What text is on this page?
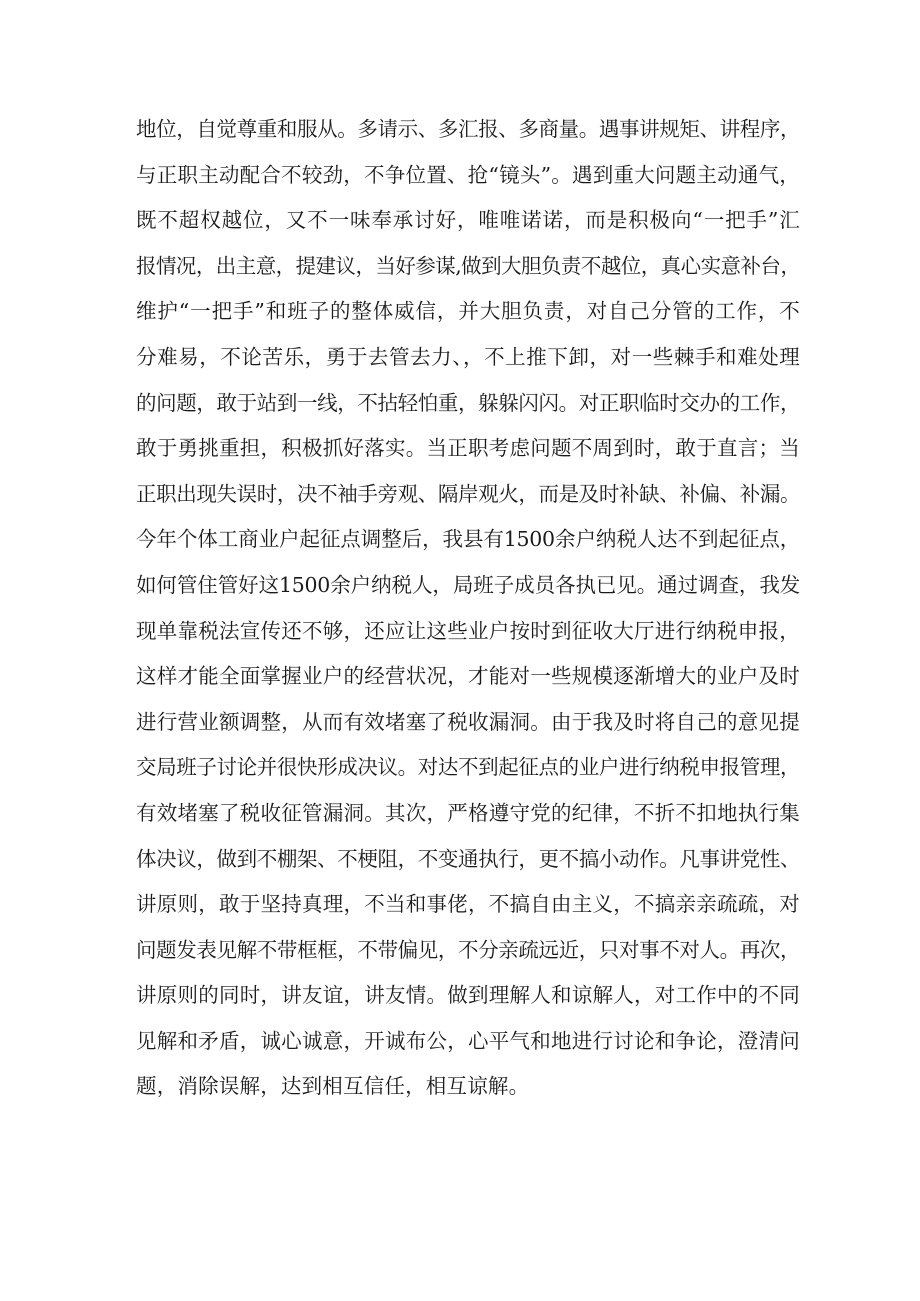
地位，自觉尊重和服从。多请示、多汇报、多商量。遇事讲规矩、讲程序，
与正职主动配合不较劲，不争位置、抢“镜头”。遇到重大问题主动通气，
既不超权越位，又不一味奉承讨好，唯唯诺诺，而是积极向“一把手”汇
报情况，出主意，提建议，当好参谋,做到大胆负责不越位，真心实意补台，
维护“一把手”和班子的整体威信，并大胆负责，对自己分管的工作，不
分难易，不论苦乐，勇于去管去力、，不上推下卸，对一些棘手和难处理
的问题，敢于站到一线，不拈轻怕重，躲躲闪闪。对正职临时交办的工作，
敢于勇挑重担，积极抓好落实。当正职考虑问题不周到时，敢于直言；当
正职出现失误时，决不袖手旁观、隔岸观火，而是及时补缺、补偏、补漏。
今年个体工商业户起征点调整后，我县有1500余户纳税人达不到起征点，
如何管住管好这1500余户纳税人，局班子成员各执已见。通过调查，我发
现单靠税法宣传还不够，还应让这些业户按时到征收大厅进行纳税申报，
这样才能全面掌握业户的经营状况，才能对一些规模逐渐增大的业户及时
进行营业额调整，从而有效堵塞了税收漏洞。由于我及时将自己的意见提
交局班子讨论并很快形成决议。对达不到起征点的业户进行纳税申报管理，
有效堵塞了税收征管漏洞。其次，严格遵守党的纪律，不折不扣地执行集
体决议，做到不棚架、不梗阻，不变通执行，更不搞小动作。凡事讲党性、
讲原则，敢于坚持真理，不当和事佬，不搞自由主义，不搞亲亲疏疏，对
问题发表见解不带框框，不带偏见，不分亲疏远近，只对事不对人。再次，
讲原则的同时，讲友谊，讲友情。做到理解人和谅解人，对工作中的不同
见解和矛盾，诚心诚意，开诚布公，心平气和地进行讨论和争论，澄清问
题，消除误解，达到相互信任，相互谅解。
